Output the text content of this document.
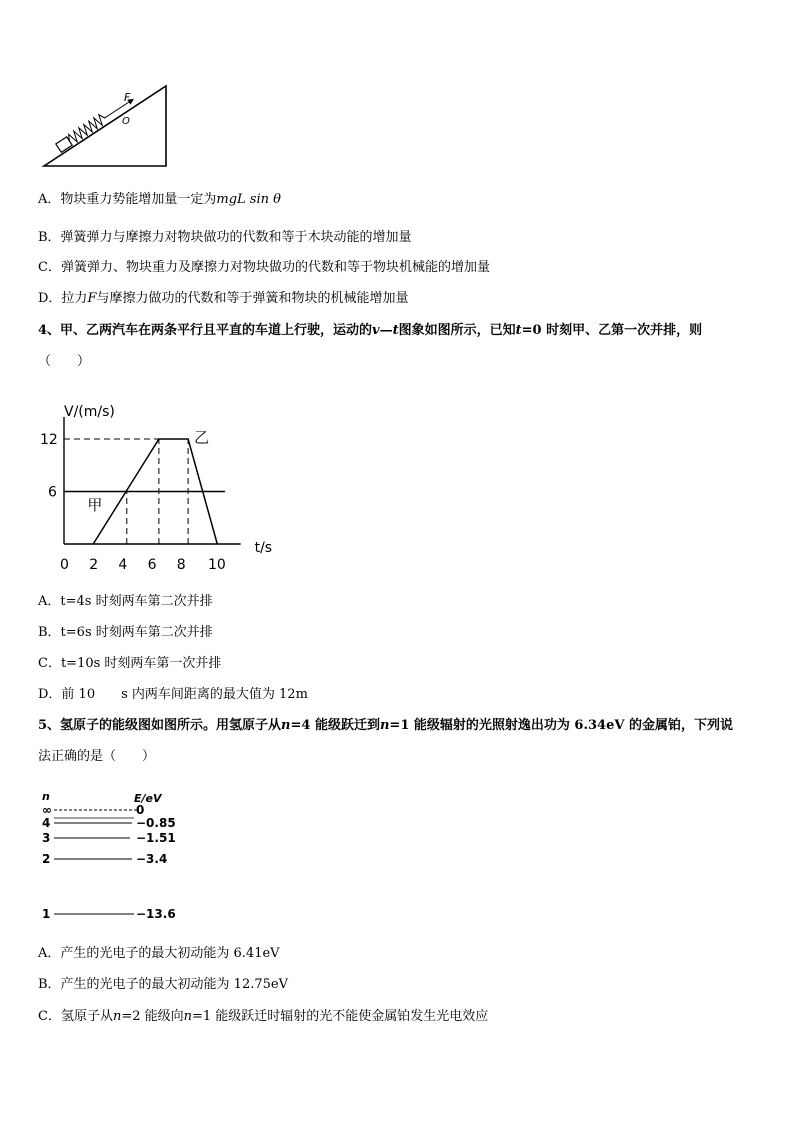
F
O
A．物块重力势能增加量一定为mgL sin θ
B．弹簧弹力与摩擦力对物块做功的代数和等于木块动能的增加量
C．弹簧弹力、物块重力及摩擦力对物块做功的代数和等于物块机械能的增加量
D．拉力F与摩擦力做功的代数和等于弹簧和物块的机械能增加量
4、甲、乙两汽车在两条平行且平直的车道上行驶，运动的v—t图象如图所示，已知t=0 时刻甲、乙第一次并排，则
（　　）
V/(m/s)
t/s
0 2 4 6 8 10
6
12
甲
乙
A．t=4s 时刻两车第二次并排
B．t=6s 时刻两车第二次并排
C．t=10s 时刻两车第一次并排
D．前 10　　s 内两车间距离的最大值为 12m
5、氢原子的能级图如图所示。用氢原子从n=4 能级跃迁到n=1 能级辐射的光照射逸出功为 6.34eV 的金属铂，下列说
法正确的是（　　）
n	E/eV
∞	0
4	−0.85
3	−1.51
2	−3.4
1	−13.6
A．产生的光电子的最大初动能为 6.41eV
B．产生的光电子的最大初动能为 12.75eV
C．氢原子从n=2 能级向n=1 能级跃迁时辐射的光不能使金属铂发生光电效应
